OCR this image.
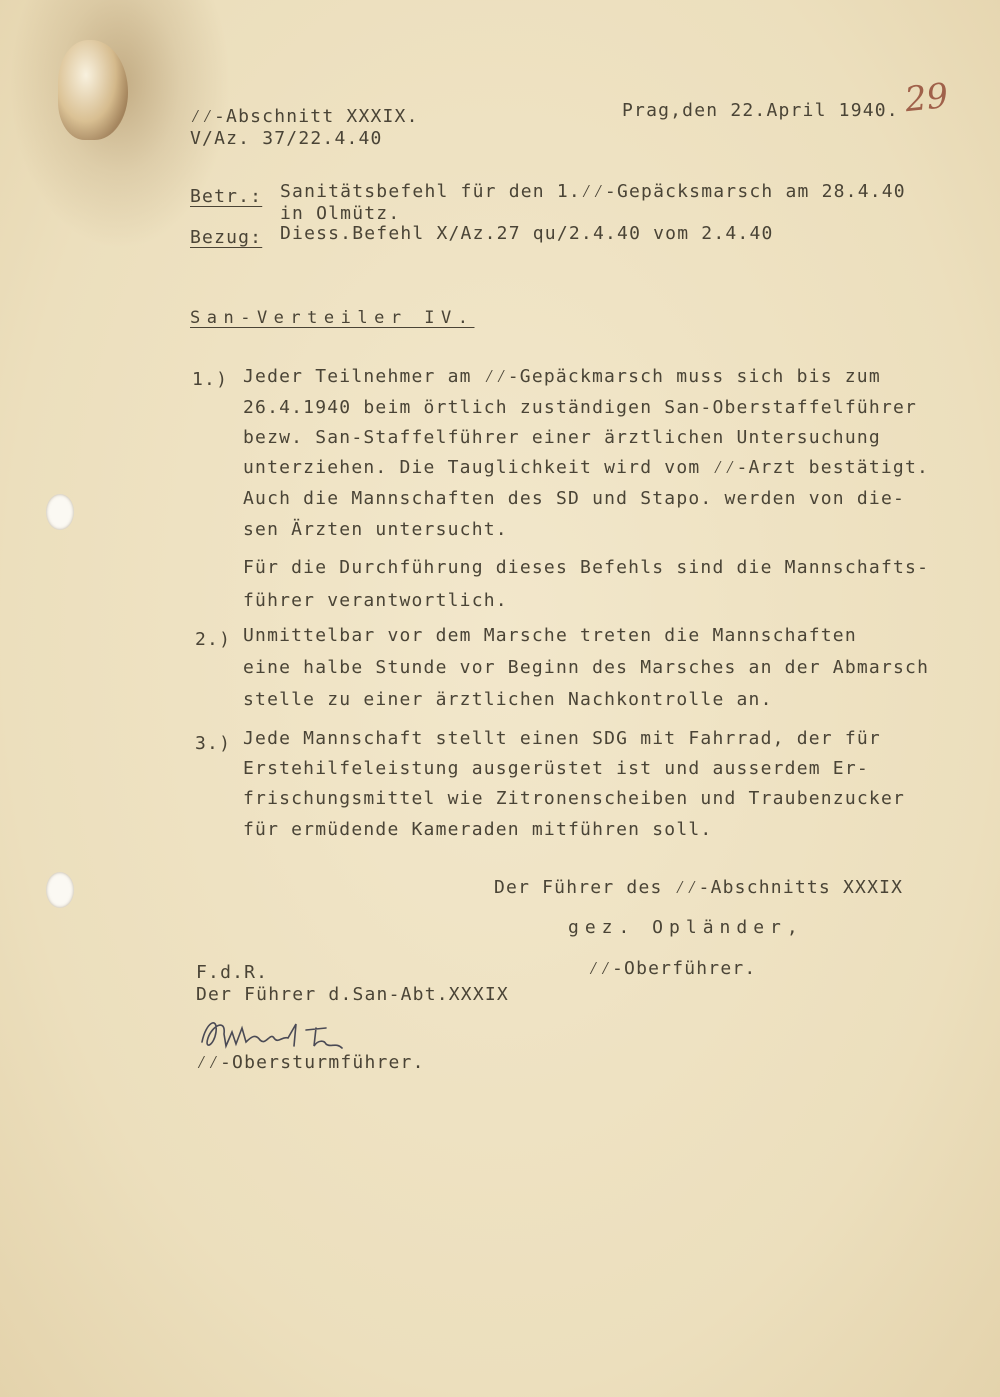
⁄⁄-Abschnitt XXXIX.
V/Az. 37/22.4.40
Prag,den 22.April 1940. 29
Betr.: Sanitätsbefehl für den 1.⁄⁄-Gepäcksmarsch am 28.4.40
in Olmütz.
Bezug: Diess.Befehl X/Az.27 qu/2.4.40 vom 2.4.40
San-Verteiler IV.
1.) Jeder Teilnehmer am ⁄⁄-Gepäckmarsch muss sich bis zum
26.4.1940 beim örtlich zuständigen San-Oberstaffelführer
bezw. San-Staffelführer einer ärztlichen Untersuchung
unterziehen. Die Tauglichkeit wird vom ⁄⁄-Arzt bestätigt.
Auch die Mannschaften des SD und Stapo. werden von die-
sen Ärzten untersucht.
Für die Durchführung dieses Befehls sind die Mannschafts-
führer verantwortlich.
2.) Unmittelbar vor dem Marsche treten die Mannschaften
eine halbe Stunde vor Beginn des Marsches an der Abmarsch
stelle zu einer ärztlichen Nachkontrolle an.
3.) Jede Mannschaft stellt einen SDG mit Fahrrad, der für
Erstehilfeleistung ausgerüstet ist und ausserdem Er-
frischungsmittel wie Zitronenscheiben und Traubenzucker
für ermüdende Kameraden mitführen soll.
Der Führer des ⁄⁄-Abschnitts XXXIX
gez. Opländer,
⁄⁄-Oberführer.
F.d.R.
Der Führer d.San-Abt.XXXIX
⁄⁄-Obersturmführer.
